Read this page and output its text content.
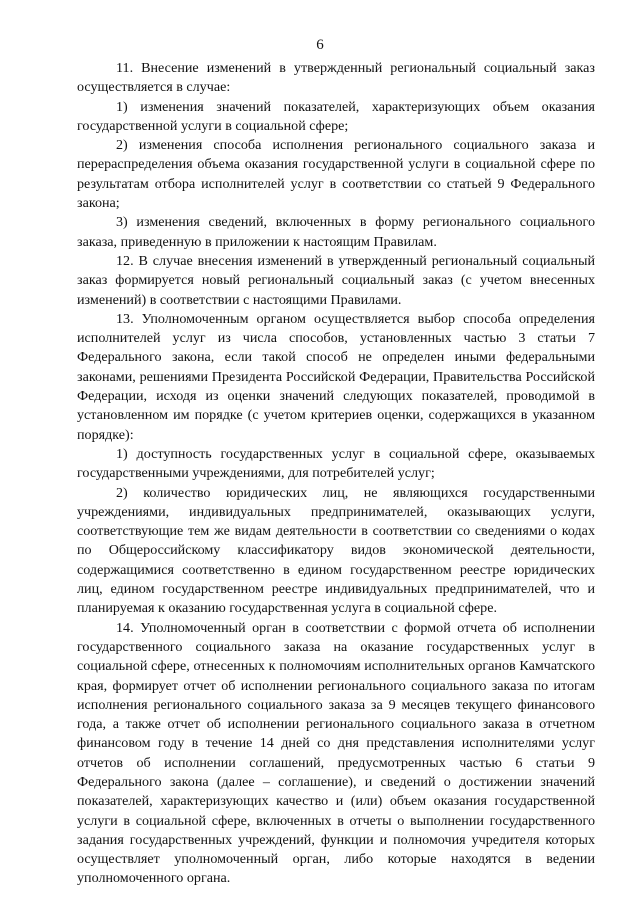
6

11. Внесение изменений в утвержденный региональный социальный заказ осуществляется в случае:

1) изменения значений показателей, характеризующих объем оказания государственной услуги в социальной сфере;

2) изменения способа исполнения регионального социального заказа и перераспределения объема оказания государственной услуги в социальной сфере по результатам отбора исполнителей услуг в соответствии со статьей 9 Федерального закона;

3) изменения сведений, включенных в форму регионального социального заказа, приведенную в приложении к настоящим Правилам.

12. В случае внесения изменений в утвержденный региональный социальный заказ формируется новый региональный социальный заказ (с учетом внесенных изменений) в соответствии с настоящими Правилами.

13. Уполномоченным органом осуществляется выбор способа определения исполнителей услуг из числа способов, установленных частью 3 статьи 7 Федерального закона, если такой способ не определен иными федеральными законами, решениями Президента Российской Федерации, Правительства Российской Федерации, исходя из оценки значений следующих показателей, проводимой в установленном им порядке (с учетом критериев оценки, содержащихся в указанном порядке):

1) доступность государственных услуг в социальной сфере, оказываемых государственными учреждениями, для потребителей услуг;

2) количество юридических лиц, не являющихся государственными учреждениями, индивидуальных предпринимателей, оказывающих услуги, соответствующие тем же видам деятельности в соответствии со сведениями о кодах по Общероссийскому классификатору видов экономической деятельности, содержащимися соответственно в едином государственном реестре юридических лиц, едином государственном реестре индивидуальных предпринимателей, что и планируемая к оказанию государственная услуга в социальной сфере.

14. Уполномоченный орган в соответствии с формой отчета об исполнении государственного социального заказа на оказание государственных услуг в социальной сфере, отнесенных к полномочиям исполнительных органов Камчатского края, формирует отчет об исполнении регионального социального заказа по итогам исполнения регионального социального заказа за 9 месяцев текущего финансового года, а также отчет об исполнении регионального социального заказа в отчетном финансовом году в течение 14 дней со дня представления исполнителями услуг отчетов об исполнении соглашений, предусмотренных частью 6 статьи 9 Федерального закона (далее – соглашение), и сведений о достижении значений показателей, характеризующих качество и (или) объем оказания государственной услуги в социальной сфере, включенных в отчеты о выполнении государственного задания государственных учреждений, функции и полномочия учредителя которых осуществляет уполномоченный орган, либо которые находятся в ведении уполномоченного органа.
